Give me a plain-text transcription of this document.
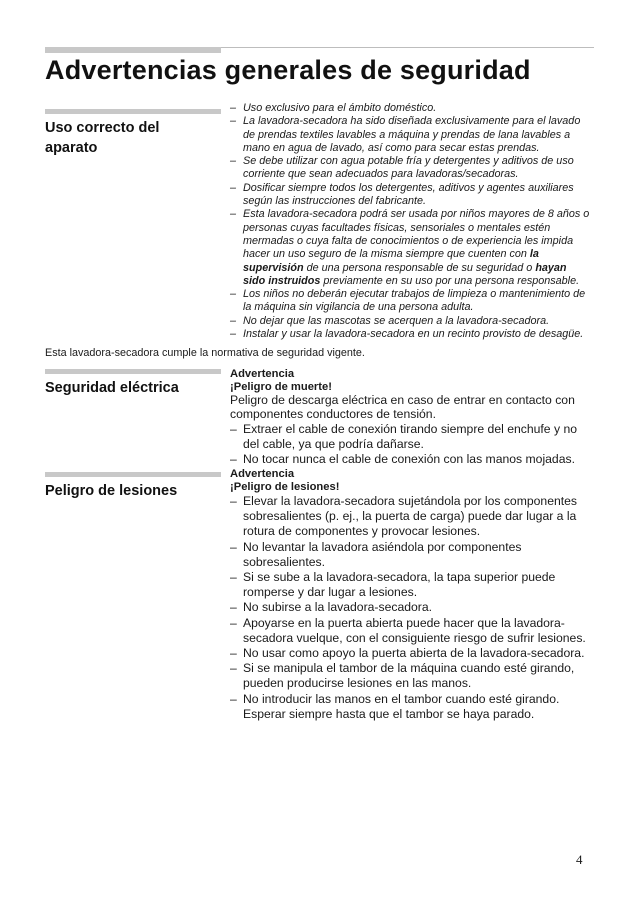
Advertencias generales de seguridad
Uso correcto del aparato
– Uso exclusivo para el ámbito doméstico.
– La lavadora-secadora ha sido diseñada exclusivamente para el lavado de prendas textiles lavables a máquina y prendas de lana lavables a mano en agua de lavado, así como para secar estas prendas.
– Se debe utilizar con agua potable fría y detergentes y aditivos de uso corriente que sean adecuados para lavadoras/secadoras.
– Dosificar siempre todos los detergentes, aditivos y agentes auxiliares según las instrucciones del fabricante.
– Esta lavadora-secadora podrá ser usada por niños mayores de 8 años o personas cuyas facultades físicas, sensoriales o mentales estén mermadas o cuya falta de conocimientos o de experiencia les impida hacer un uso seguro de la misma siempre que cuenten con la supervisión de una persona responsable de su seguridad o hayan sido instruidos previamente en su uso por una persona responsable.
– Los niños no deberán ejecutar trabajos de limpieza o mantenimiento de la máquina sin vigilancia de una persona adulta.
– No dejar que las mascotas se acerquen a la lavadora-secadora.
– Instalar y usar la lavadora-secadora en un recinto provisto de desagüe.
Esta lavadora-secadora cumple la normativa de seguridad vigente.
Seguridad eléctrica
Advertencia
¡Peligro de muerte!
Peligro de descarga eléctrica en caso de entrar en contacto con componentes conductores de tensión.
– Extraer el cable de conexión tirando siempre del enchufe y no del cable, ya que podría dañarse.
– No tocar nunca el cable de conexión con las manos mojadas.
Peligro de lesiones
Advertencia
¡Peligro de lesiones!
– Elevar la lavadora-secadora sujetándola por los componentes sobresalientes (p. ej., la puerta de carga) puede dar lugar a la rotura de componentes y provocar lesiones.
– No levantar la lavadora asiéndola por componentes sobresalientes.
– Si se sube a la lavadora-secadora, la tapa superior puede romperse y dar lugar a lesiones.
– No subirse a la lavadora-secadora.
– Apoyarse en la puerta abierta puede hacer que la lavadora-secadora vuelque, con el consiguiente riesgo de sufrir lesiones.
– No usar como apoyo la puerta abierta de la lavadora-secadora.
– Si se manipula el tambor de la máquina cuando esté girando, pueden producirse lesiones en las manos.
– No introducir las manos en el tambor cuando esté girando. Esperar siempre hasta que el tambor se haya parado.
4
